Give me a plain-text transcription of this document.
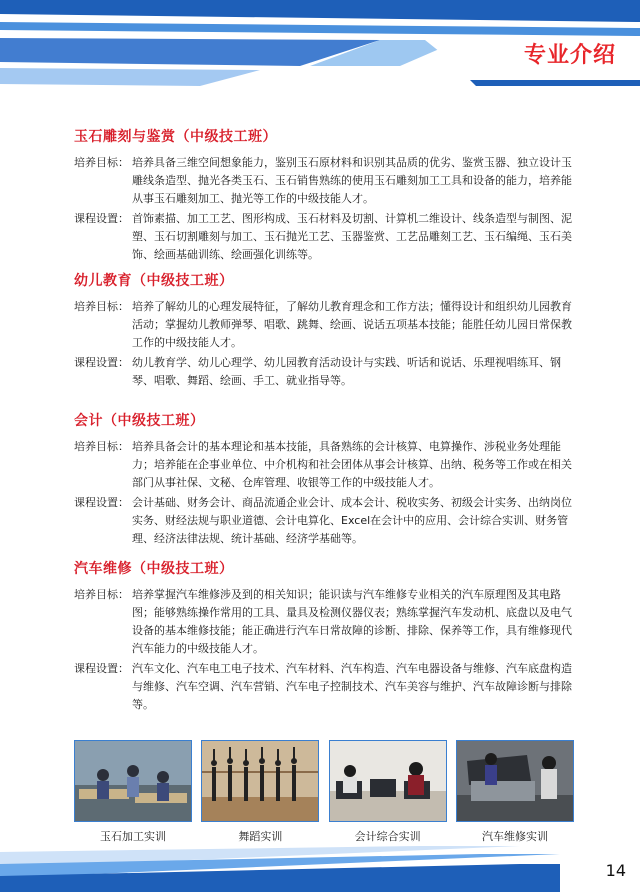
专业介绍
玉石雕刻与鉴赏（中级技工班）
培养目标： 培养具备三维空间想象能力，鉴别玉石原材料和识别其品质的优劣、鉴赏玉器、独立设计玉雕线条造型、抛光各类玉石、玉石销售熟练的使用玉石雕刻加工工具和设备的能力，培养能从事玉石雕刻加工、抛光等工作的中级技能人才。
课程设置： 首饰素描、加工工艺、图形构成、玉石材料及切割、计算机二维设计、线条造型与制图、泥塑、玉石切割雕刻与加工、玉石抛光工艺、玉器鉴赏、工艺品雕刻工艺、玉石编绳、玉石美饰、绘画基础训练、绘画强化训练等。
幼儿教育（中级技工班）
培养目标： 培养了解幼儿的心理发展特征，了解幼儿教育理念和工作方法；懂得设计和组织幼儿园教育活动；掌握幼儿教师弹琴、唱歌、跳舞、绘画、说话五项基本技能；能胜任幼儿园日常保教工作的中级技能人才。
课程设置： 幼儿教育学、幼儿心理学、幼儿园教育活动设计与实践、听话和说话、乐理视唱练耳、钢琴、唱歌、舞蹈、绘画、手工、就业指导等。
会计（中级技工班）
培养目标： 培养具备会计的基本理论和基本技能，具备熟练的会计核算、电算操作、涉税业务处理能力；培养能在企事业单位、中介机构和社会团体从事会计核算、出纳、税务等工作或在相关部门从事社保、文秘、仓库管理、收银等工作的中级技能人才。
课程设置： 会计基础、财务会计、商品流通企业会计、成本会计、税收实务、初级会计实务、出纳岗位实务、财经法规与职业道德、会计电算化、Excel在会计中的应用、会计综合实训、财务管理、经济法律法规、统计基础、经济学基础等。
汽车维修（中级技工班）
培养目标： 培养掌握汽车维修涉及到的相关知识；能识读与汽车维修专业相关的汽车原理图及其电路图；能够熟练操作常用的工具、量具及检测仪器仪表；熟练掌握汽车发动机、底盘以及电气设备的基本维修技能；能正确进行汽车日常故障的诊断、排除、保养等工作，具有维修现代汽车能力的中级技能人才。
课程设置： 汽车文化、汽车电工电子技术、汽车材料、汽车构造、汽车电器设备与维修、汽车底盘构造与维修、汽车空调、汽车营销、汽车电子控制技术、汽车美容与维护、汽车故障诊断与排除等。
玉石加工实训	舞蹈实训	会计综合实训	汽车维修实训
14
